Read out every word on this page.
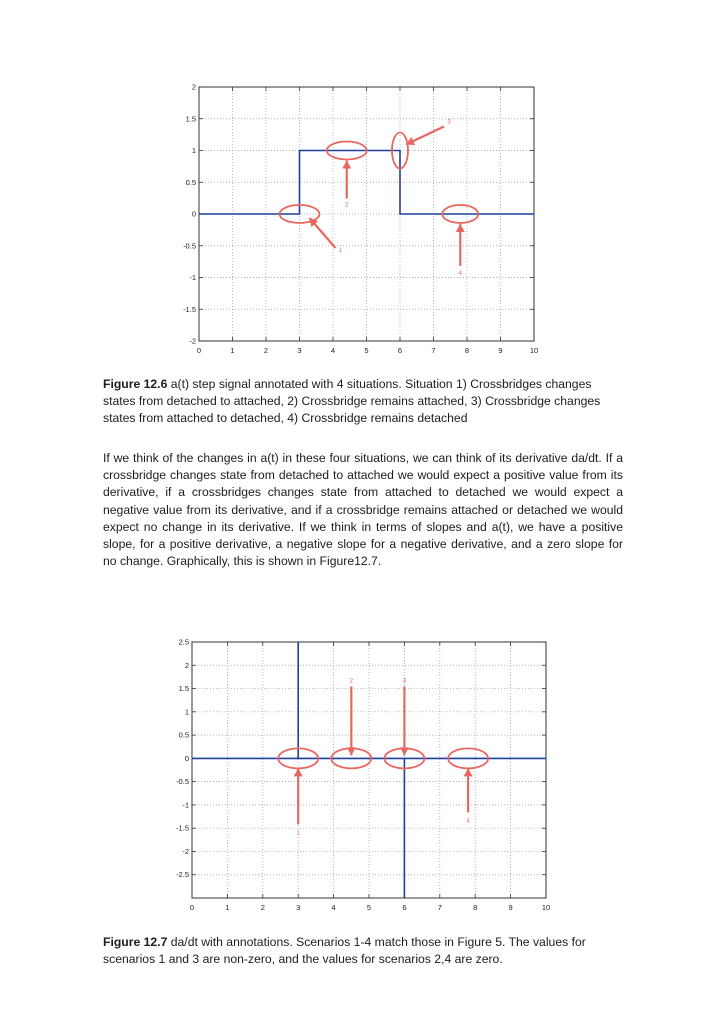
0	1	2	3	4	5	6	7	8	9	10
2
1.5
1
0.5
0
-0.5
-1
-1.5
-2
1
2
3
4

Figure 12.6 a(t) step signal annotated with 4 situations. Situation 1) Crossbridges changes states from detached to attached, 2) Crossbridge remains attached, 3) Crossbridge changes states from attached to detached, 4) Crossbridge remains detached

If we think of the changes in a(t) in these four situations, we can think of its derivative da/dt. If a crossbridge changes state from detached to attached we would expect a positive value from its derivative, if a crossbridges changes state from attached to detached we would expect a negative value from its derivative, and if a crossbridge remains attached or detached we would expect no change in its derivative. If we think in terms of slopes and a(t), we have a positive slope, for a positive derivative, a negative slope for a negative derivative, and a zero slope for no change. Graphically, this is shown in Figure12.7.

0	1	2	3	4	5	6	7	8	9	10
2.5
2
1.5
1
0.5
0
-0.5
-1
-1.5
-2
-2.5
1
2	3
4

Figure 12.7 da/dt with annotations. Scenarios 1-4 match those in Figure 5. The values for scenarios 1 and 3 are non-zero, and the values for scenarios 2,4 are zero.
